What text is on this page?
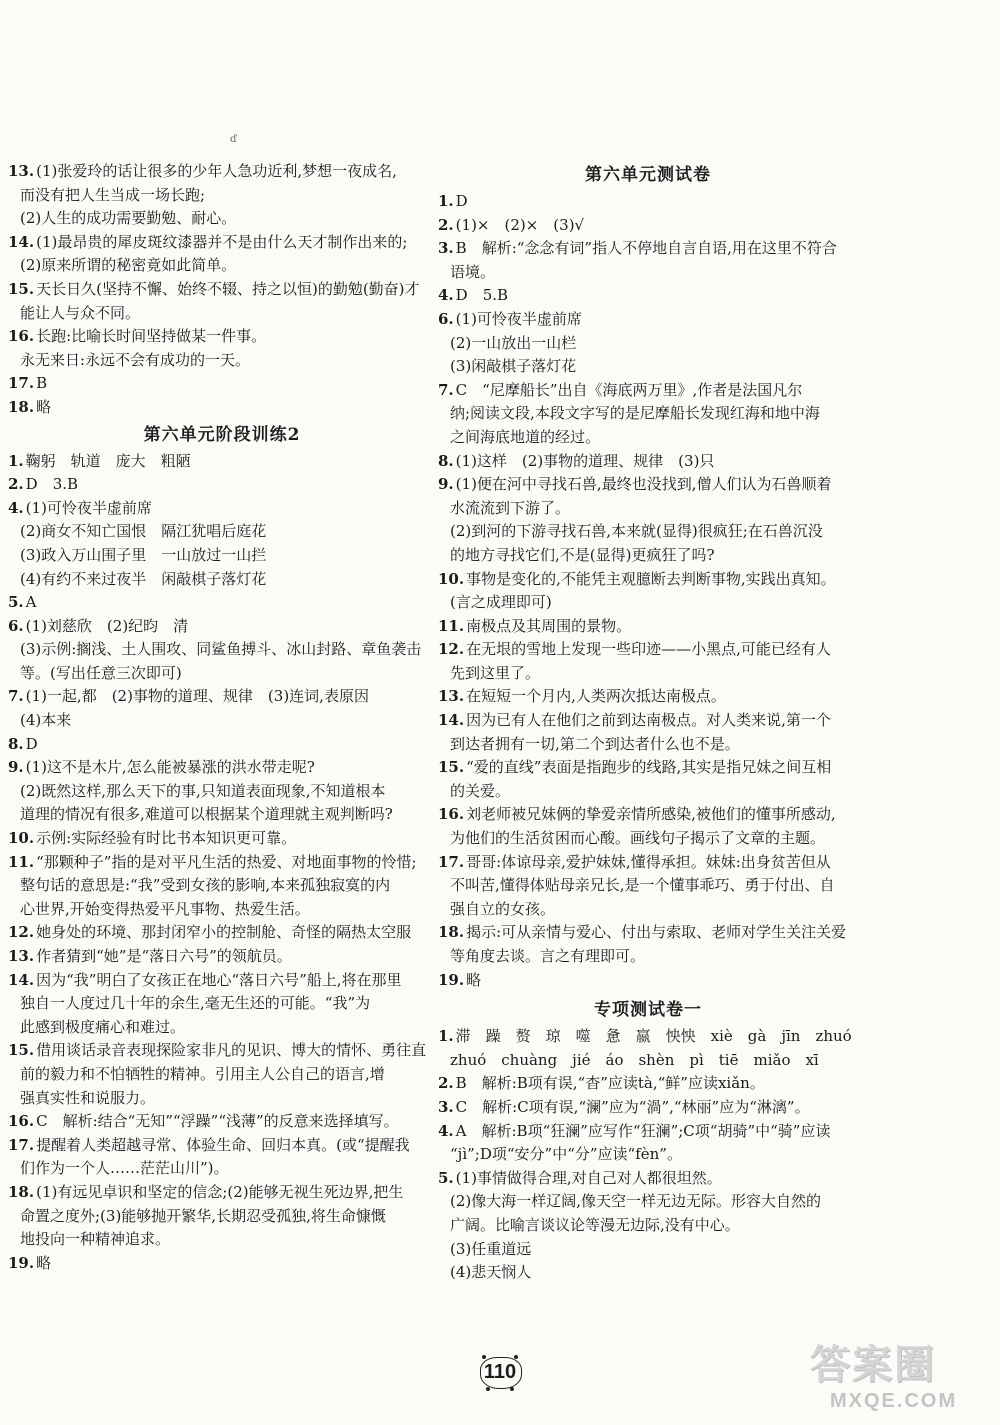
ď
13. (1)张爱玲的话让很多的少年人急功近利,梦想一夜成名,
而没有把人生当成一场长跑;
(2)人生的成功需要勤勉、耐心。
14. (1)最昂贵的犀皮斑纹漆器并不是由什么天才制作出来的;
(2)原来所谓的秘密竟如此简单。
15. 天长日久(坚持不懈、始终不辍、持之以恒)的勤勉(勤奋)才
能让人与众不同。
16. 长跑:比喻长时间坚持做某一件事。
永无来日:永远不会有成功的一天。
17. B
18. 略
第六单元阶段训练2
1. 鞠躬　轨道　庞大　粗陋
2. D　3.B
4. (1)可怜夜半虚前席
(2)商女不知亡国恨　隔江犹唱后庭花
(3)政入万山围子里　一山放过一山拦
(4)有约不来过夜半　闲敲棋子落灯花
5. A
6. (1)刘慈欣　(2)纪昀　清
(3)示例:搁浅、土人围攻、同鲨鱼搏斗、冰山封路、章鱼袭击
等。(写出任意三次即可)
7. (1)一起,都　(2)事物的道理、规律　(3)连词,表原因
(4)本来
8. D
9. (1)这不是木片,怎么能被暴涨的洪水带走呢?
(2)既然这样,那么天下的事,只知道表面现象,不知道根本
道理的情况有很多,难道可以根据某个道理就主观判断吗?
10. 示例:实际经验有时比书本知识更可靠。
11. “那颗种子”指的是对平凡生活的热爱、对地面事物的怜惜;
整句话的意思是:“我”受到女孩的影响,本来孤独寂寞的内
心世界,开始变得热爱平凡事物、热爱生活。
12. 她身处的环境、那封闭窄小的控制舱、奇怪的隔热太空服
13. 作者猜到“她”是“落日六号”的领航员。
14. 因为“我”明白了女孩正在地心“落日六号”船上,将在那里
独自一人度过几十年的余生,毫无生还的可能。“我”为
此感到极度痛心和难过。
15. 借用谈话录音表现探险家非凡的见识、博大的情怀、勇往直
前的毅力和不怕牺牲的精神。引用主人公自己的语言,增
强真实性和说服力。
16. C　解析:结合“无知”“浮躁”“浅薄”的反意来选择填写。
17. 提醒着人类超越寻常、体验生命、回归本真。(或“提醒我
们作为一个人……茫茫山川”)。
18. (1)有远见卓识和坚定的信念;(2)能够无视生死边界,把生
命置之度外;(3)能够抛开繁华,长期忍受孤独,将生命慷慨
地投向一种精神追求。
19. 略
第六单元测试卷
1. D
2. (1)×　(2)×　(3)√
3. B　解析:“念念有词”指人不停地自言自语,用在这里不符合
语境。
4. D　5.B
6. (1)可怜夜半虚前席
(2)一山放出一山栏
(3)闲敲棋子落灯花
7. C　“尼摩船长”出自《海底两万里》,作者是法国凡尔
纳;阅读文段,本段文字写的是尼摩船长发现红海和地中海
之间海底地道的经过。
8. (1)这样　(2)事物的道理、规律　(3)只
9. (1)便在河中寻找石兽,最终也没找到,僧人们认为石兽顺着
水流流到下游了。
(2)到河的下游寻找石兽,本来就(显得)很疯狂;在石兽沉没
的地方寻找它们,不是(显得)更疯狂了吗?
10. 事物是变化的,不能凭主观臆断去判断事物,实践出真知。
(言之成理即可)
11. 南极点及其周围的景物。
12. 在无垠的雪地上发现一些印迹——小黑点,可能已经有人
先到这里了。
13. 在短短一个月内,人类两次抵达南极点。
14. 因为已有人在他们之前到达南极点。对人类来说,第一个
到达者拥有一切,第二个到达者什么也不是。
15. “爱的直线”表面是指跑步的线路,其实是指兄妹之间互相
的关爱。
16. 刘老师被兄妹俩的挚爱亲情所感染,被他们的懂事所感动,
为他们的生活贫困而心酸。画线句子揭示了文章的主题。
17. 哥哥:体谅母亲,爱护妹妹,懂得承担。妹妹:出身贫苦但从
不叫苦,懂得体贴母亲兄长,是一个懂事乖巧、勇于付出、自
强自立的女孩。
18. 揭示:可从亲情与爱心、付出与索取、老师对学生关注关爱
等角度去谈。言之有理即可。
19. 略
专项测试卷一
1. 滞　躁　赘　琼　噬　惫　嬴　怏怏　xiè　gà　jīn　zhuó
zhuó　chuàng　jié　áo　shèn　pì　tiē　miǎo　xī
2. B　解析:B项有误,“杳”应读tà,“鲜”应读xiǎn。
3. C　解析:C项有误,“澜”应为“渦”,“林丽”应为“淋漓”。
4. A　解析:B项“狂澜”应写作“狂澜”;C项“胡骑”中“骑”应读
“jì”;D项“安分”中“分”应读“fèn”。
5. (1)事情做得合理,对自己对人都很坦然。
(2)像大海一样辽阔,像天空一样无边无际。形容大自然的
广阔。比喻言谈议论等漫无边际,没有中心。
(3)任重道远
(4)悲天悯人
110	答案圈
MXQE.COM
